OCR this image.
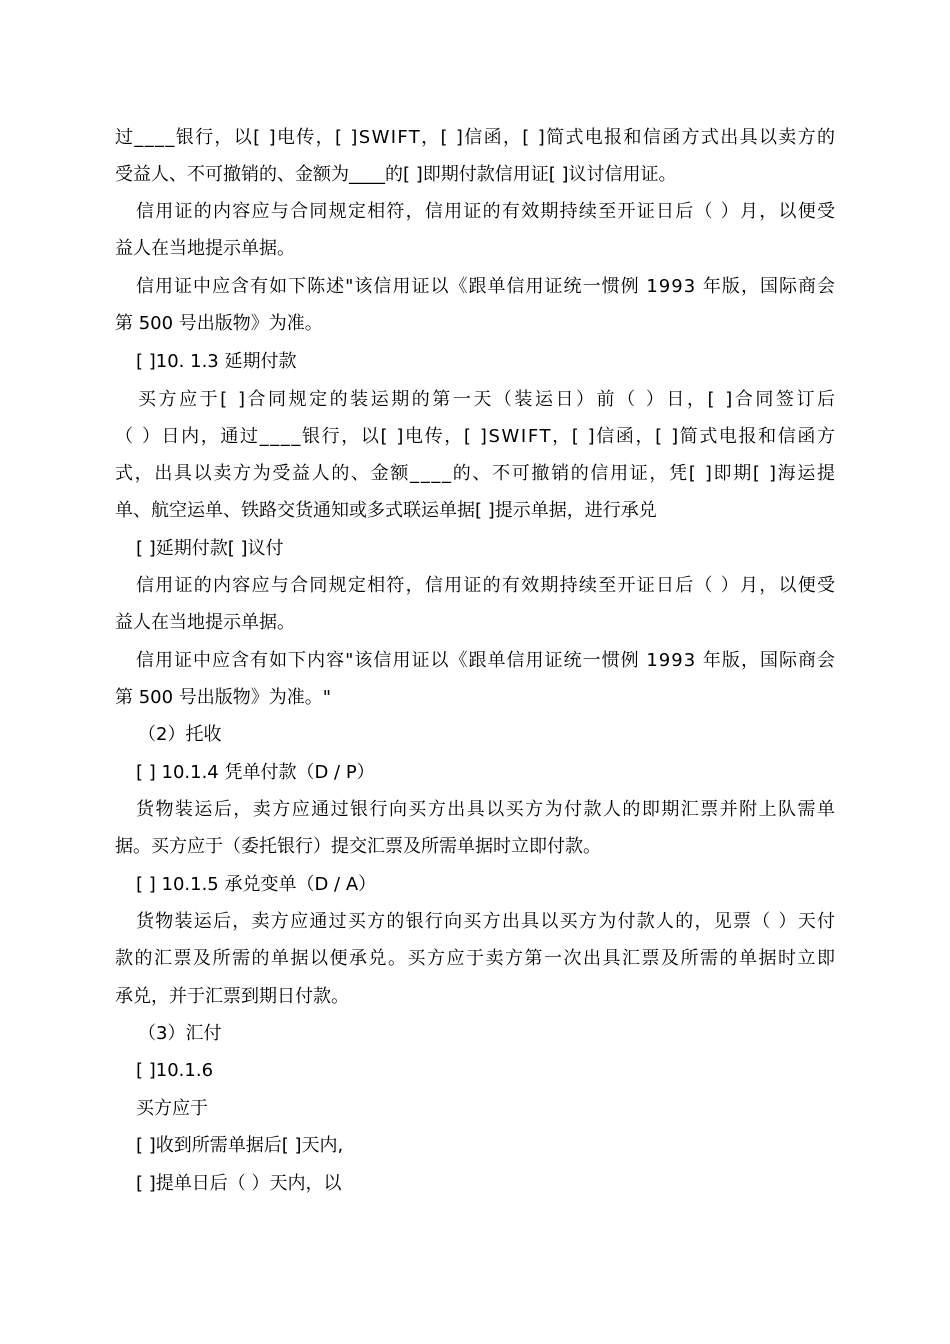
过____银行，以[ ]电传，[ ]SWIFT，[ ]信函，[ ]简式电报和信函方式出具以卖方的
受益人、不可撤销的、金额为____的[ ]即期付款信用证[ ]议讨信用证。
信用证的内容应与合同规定相符，信用证的有效期持续至开证日后（ ）月，以便受
益人在当地提示单据。
信用证中应含有如下陈述"该信用证以《跟单信用证统一惯例 1993 年版，国际商会
第 500 号出版物》为准。
[ ]10. 1.3 延期付款
买方应于[ ]合同规定的装运期的第一天（装运日）前（ ）日，[ ]合同签订后
（ ）日内，通过____银行，以[ ]电传，[ ]SWIFT，[ ]信函，[ ]简式电报和信函方
式，出具以卖方为受益人的、金额____的、不可撤销的信用证，凭[ ]即期[ ]海运提
单、航空运单、铁路交货通知或多式联运单据[ ]提示单据，进行承兑
[ ]延期付款[ ]议付
信用证的内容应与合同规定相符，信用证的有效期持续至开证日后（ ）月，以便受
益人在当地提示单据。
信用证中应含有如下内容"该信用证以《跟单信用证统一惯例 1993 年版，国际商会
第 500 号出版物》为准。"
（2）托收
[ ] 10.1.4 凭单付款（D / P）
货物装运后，卖方应通过银行向买方出具以买方为付款人的即期汇票并附上队需单
据。买方应于（委托银行）提交汇票及所需单据时立即付款。
[ ] 10.1.5 承兑变单（D / A）
货物装运后，卖方应通过买方的银行向买方出具以买方为付款人的，见票（ ）天付
款的汇票及所需的单据以便承兑。买方应于卖方第一次出具汇票及所需的单据时立即
承兑，并于汇票到期日付款。
（3）汇付
[ ]10.1.6
买方应于
[ ]收到所需单据后[ ]天内,
[ ]提单日后（ ）天内，以
